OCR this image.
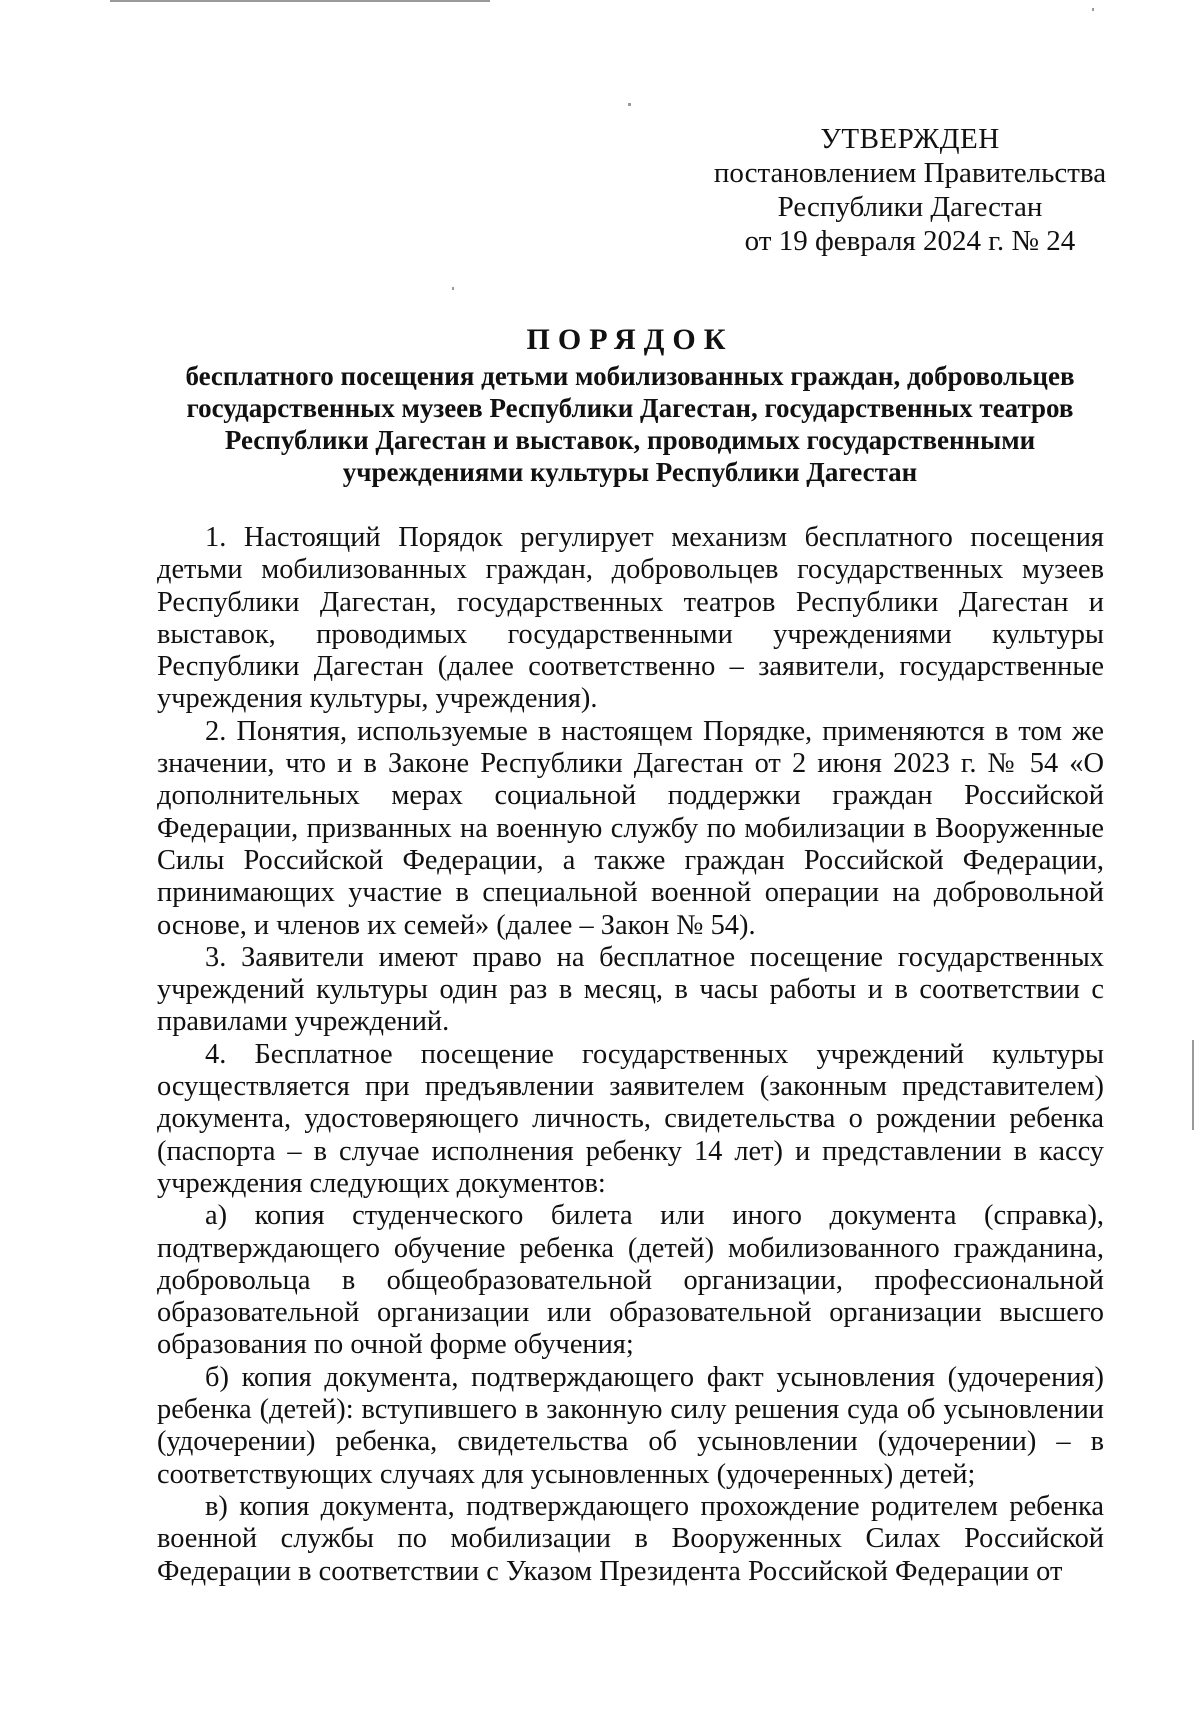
УТВЕРЖДЕН
постановлением Правительства
Республики Дагестан
от 19 февраля 2024 г. № 24
ПОРЯДОК
бесплатного посещения детьми мобилизованных граждан, добровольцев государственных музеев Республики Дагестан, государственных театров Республики Дагестан и выставок, проводимых государственными учреждениями культуры Республики Дагестан

1. Настоящий Порядок регулирует механизм бесплатного посещения детьми мобилизованных граждан, добровольцев государственных музеев Республики Дагестан, государственных театров Республики Дагестан и выставок, проводимых государственными учреждениями культуры Республики Дагестан (далее соответственно – заявители, государственные учреждения культуры, учреждения).

2. Понятия, используемые в настоящем Порядке, применяются в том же значении, что и в Законе Республики Дагестан от 2 июня 2023 г. № 54 «О дополнительных мерах социальной поддержки граждан Российской Федерации, призванных на военную службу по мобилизации в Вооруженные Силы Российской Федерации, а также граждан Российской Федерации, принимающих участие в специальной военной операции на добровольной основе, и членов их семей» (далее – Закон № 54).

3. Заявители имеют право на бесплатное посещение государственных учреждений культуры один раз в месяц, в часы работы и в соответствии с правилами учреждений.

4. Бесплатное посещение государственных учреждений культуры осуществляется при предъявлении заявителем (законным представителем) документа, удостоверяющего личность, свидетельства о рождении ребенка (паспорта – в случае исполнения ребенку 14 лет) и представлении в кассу учреждения следующих документов:

а) копия студенческого билета или иного документа (справка), подтверждающего обучение ребенка (детей) мобилизованного гражданина, добровольца в общеобразовательной организации, профессиональной образовательной организации или образовательной организации высшего образования по очной форме обучения;

б) копия документа, подтверждающего факт усыновления (удочерения) ребенка (детей): вступившего в законную силу решения суда об усыновлении (удочерении) ребенка, свидетельства об усыновлении (удочерении) – в соответствующих случаях для усыновленных (удочеренных) детей;

в) копия документа, подтверждающего прохождение родителем ребенка военной службы по мобилизации в Вооруженных Силах Российской Федерации в соответствии с Указом Президента Российской Федерации от
